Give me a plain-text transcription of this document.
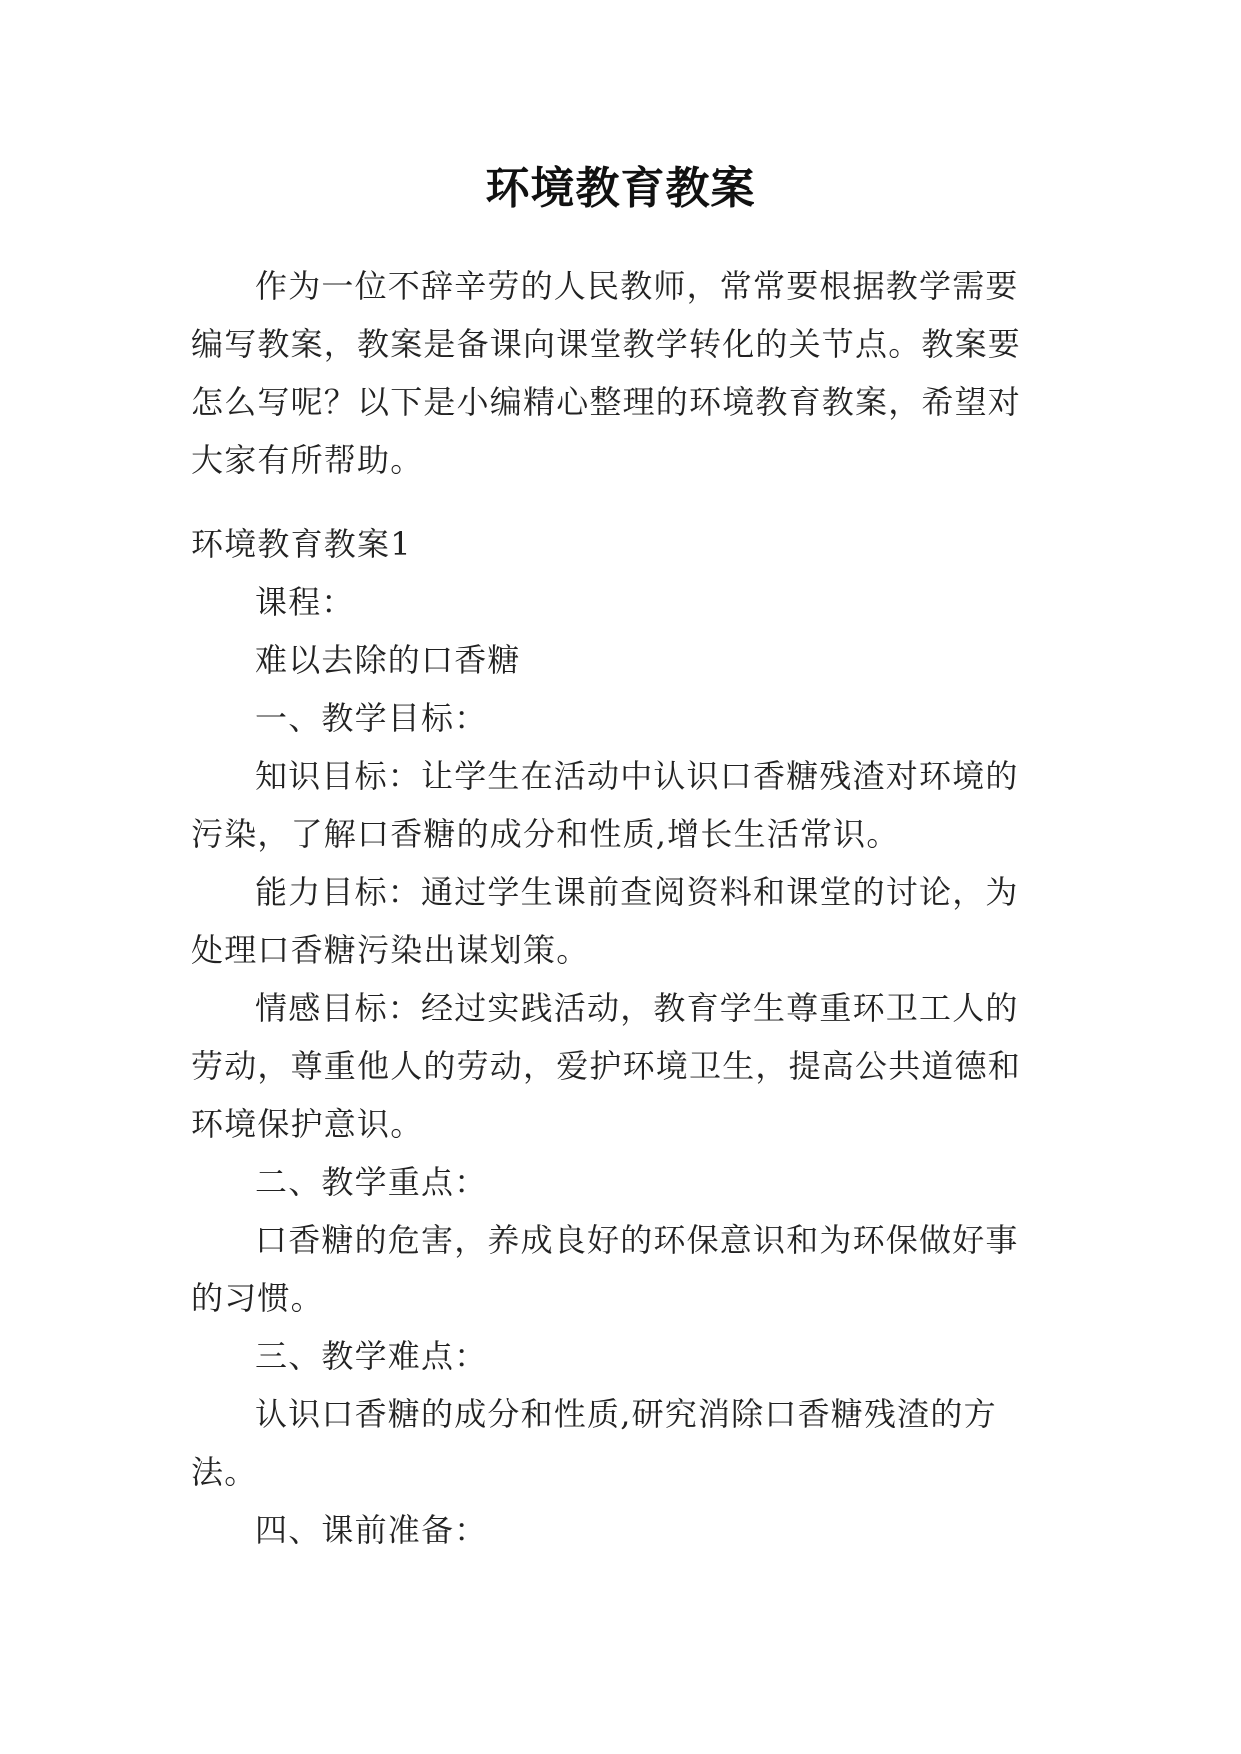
环境教育教案

作为一位不辞辛劳的人民教师，常常要根据教学需要编写教案，教案是备课向课堂教学转化的关节点。教案要怎么写呢？以下是小编精心整理的环境教育教案，希望对大家有所帮助。

环境教育教案1

课程：

难以去除的口香糖

一、教学目标：

知识目标：让学生在活动中认识口香糖残渣对环境的污染，了解口香糖的成分和性质,增长生活常识。

能力目标：通过学生课前查阅资料和课堂的讨论，为处理口香糖污染出谋划策。

情感目标：经过实践活动，教育学生尊重环卫工人的劳动，尊重他人的劳动，爱护环境卫生，提高公共道德和环境保护意识。

二、教学重点：

口香糖的危害，养成良好的环保意识和为环保做好事的习惯。

三、教学难点：

认识口香糖的成分和性质,研究消除口香糖残渣的方法。

四、课前准备：
